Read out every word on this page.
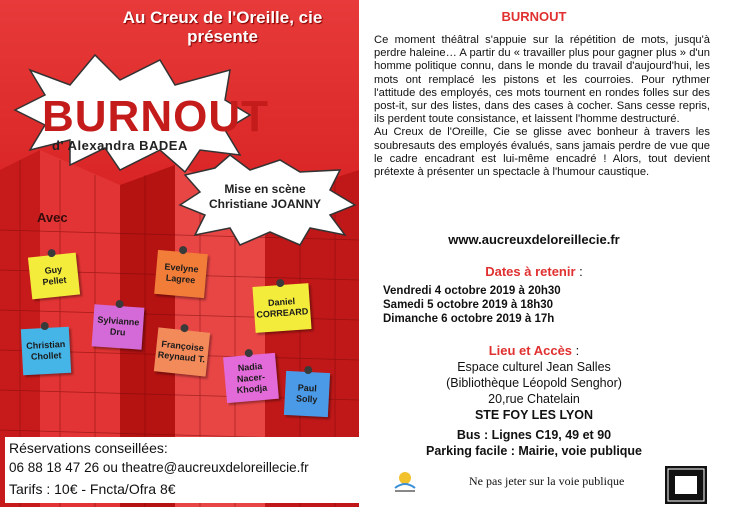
Au Creux de l'Oreille, cie
présente
BURNOUT
d' Alexandra BADEA
Mise en scène
Christiane JOANNY
Avec
Guy
Pellet
Evelyne
Lagree
Daniel
CORREARD
Sylvianne
Dru
Christian
Chollet
Françoise
Reynaud T.
Nadia
Nacer-Khodja	Paul
Solly
Réservations conseillées:
06 88 18 47 26 ou theatre@aucreuxdeloreillecie.fr
Tarifs : 10€ - Fncta/Ofra 8€
BURNOUT

Ce moment théâtral s'appuie sur la répétition de mots, jusqu'à perdre haleine… A partir du « travailler plus pour gagner plus » d'un homme politique connu, dans le monde du travail d'aujourd'hui, les mots ont remplacé les pistons et les courroies. Pour rythmer l'attitude des employés, ces mots tournent en rondes folles sur des post-it, sur des listes, dans des cases à cocher. Sans cesse repris, ils perdent toute consistance, et laissent l'homme destructuré.

Au Creux de l'Oreille, Cie se glisse avec bonheur à travers les soubresauts des employés évalués, sans jamais perdre de vue que le cadre encadrant est lui-même encadré ! Alors, tout devient prétexte à présenter un spectacle à l'humour caustique.

www.aucreuxdeloreillecie.fr
Dates à retenir :
Vendredi 4 octobre 2019 à 20h30
Samedi 5 octobre 2019 à 18h30
Dimanche 6 octobre 2019 à 17h
Lieu et Accès :
Espace culturel Jean Salles
(Bibliothèque Léopold Senghor)
20,rue Chatelain
STE FOY LES LYON
Bus : Lignes C19, 49 et 90
Parking facile : Mairie, voie publique
Ne pas jeter sur la voie publique
